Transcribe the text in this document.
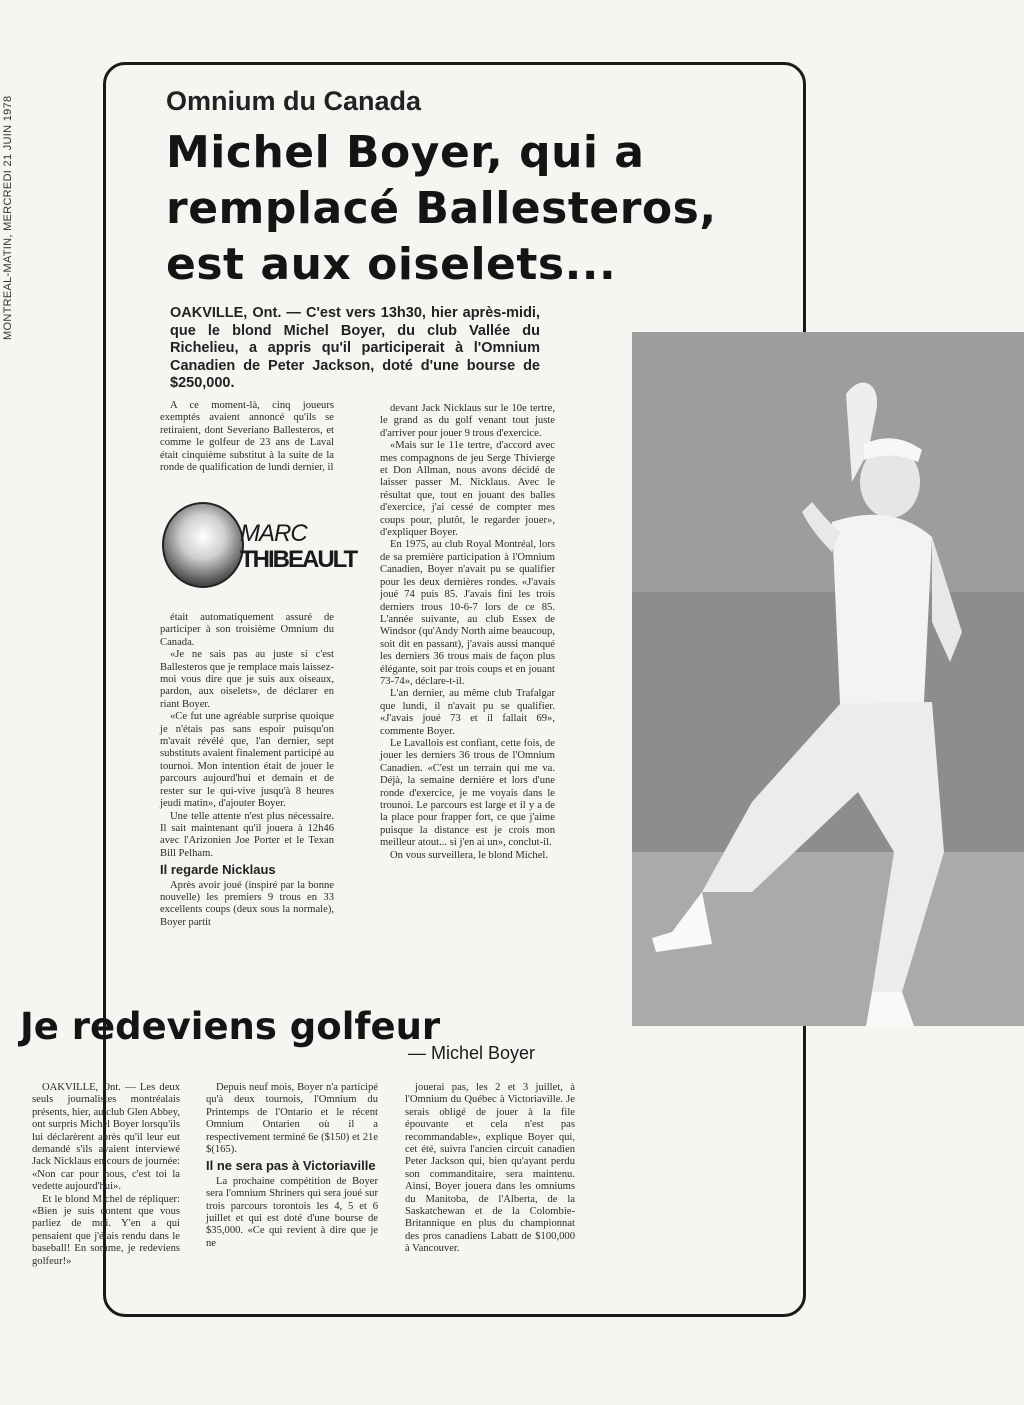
MONTREAL-MATIN, MERCREDI 21 JUIN 1978	Omnium du Canada
Michel Boyer, qui a remplacé Ballesteros, est aux oiselets...
OAKVILLE, Ont. — C'est vers 13h30, hier après-midi, que le blond Michel Boyer, du club Vallée du Richelieu, a appris qu'il participerait à l'Omnium Canadien de Peter Jackson, doté d'une bourse de $250,000.

A ce moment-là, cinq joueurs exemptés avaient annoncé qu'ils se retiraient, dont Severiano Ballesteros, et comme le golfeur de 23 ans de Laval était cinquième substitut à la suite de la ronde de qualification de lundi dernier, il

MARC
THIBEAULT

était automatiquement assuré de participer à son troisième Omnium du Canada.

«Je ne sais pas au juste si c'est Ballesteros que je remplace mais laissez-moi vous dire que je suis aux oiseaux, pardon, aux oiselets», de déclarer en riant Boyer.

«Ce fut une agréable surprise quoique je n'étais pas sans espoir puisqu'on m'avait révélé que, l'an dernier, sept substituts avaient finalement participé au tournoi. Mon intention était de jouer le parcours aujourd'hui et demain et de rester sur le qui-vive jusqu'à 8 heures jeudi matin», d'ajouter Boyer.

Une telle attente n'est plus nécessaire. Il sait maintenant qu'il jouera à 12h46 avec l'Arizonien Joe Porter et le Texan Bill Pelham.

Il regarde Nicklaus

Après avoir joué (inspiré par la bonne nouvelle) les premiers 9 trous en 33 excellents coups (deux sous la normale), Boyer partit

devant Jack Nicklaus sur le 10e tertre, le grand as du golf venant tout juste d'arriver pour jouer 9 trous d'exercice.

«Mais sur le 11e tertre, d'accord avec mes compagnons de jeu Serge Thivierge et Don Allman, nous avons décidé de laisser passer M. Nicklaus. Avec le résultat que, tout en jouant des balles d'exercice, j'ai cessé de compter mes coups pour, plutôt, le regarder jouer», d'expliquer Boyer.

En 1975, au club Royal Montréal, lors de sa première participation à l'Omnium Canadien, Boyer n'avait pu se qualifier pour les deux dernières rondes. «J'avais joué 74 puis 85. J'avais fini les trois derniers trous 10-6-7 lors de ce 85. L'année suivante, au club Essex de Windsor (qu'Andy North aime beaucoup, soit dit en passant), j'avais aussi manqué les derniers 36 trous mais de façon plus élégante, soit par trois coups et en jouant 73-74», déclare-t-il.

L'an dernier, au même club Trafalgar que lundi, il n'avait pu se qualifier. «J'avais joué 73 et il fallait 69», commente Boyer.

Le Lavallois est confiant, cette fois, de jouer les derniers 36 trous de l'Omnium Canadien. «C'est un terrain qui me va. Déjà, la semaine dernière et lors d'une ronde d'exercice, je me voyais dans le trounoi. Le parcours est large et il y a de la place pour frapper fort, ce que j'aime puisque la distance est je crois mon meilleur atout... si j'en ai un», conclut-il.

On vous surveillera, le blond Michel.

Je redeviens golfeur
— Michel Boyer

OAKVILLE, Ont. — Les deux seuls journalistes montréalais présents, hier, au club Glen Abbey, ont surpris Michel Boyer lorsqu'ils lui déclarèrent après qu'il leur eut demandé s'ils avaient interviewé Jack Nicklaus en cours de journée: «Non car pour nous, c'est toi la vedette aujourd'hui».

Et le blond Michel de répliquer: «Bien je suis content que vous parliez de moi. Y'en a qui pensaient que j'étais rendu dans le baseball! En somme, je redeviens golfeur!»

Depuis neuf mois, Boyer n'a participé qu'à deux tournois, l'Omnium du Printemps de l'Ontario et le récent Omnium Ontarien où il a respectivement terminé 6e ($150) et 21e $(165).

Il ne sera pas à Victoriaville

La prochaine compétition de Boyer sera l'omnium Shriners qui sera joué sur trois parcours torontois les 4, 5 et 6 juillet et qui est doté d'une bourse de $35,000. «Ce qui revient à dire que je ne

jouerai pas, les 2 et 3 juillet, à l'Omnium du Québec à Victoriaville. Je serais obligé de jouer à la file épouvante et cela n'est pas recommandable», explique Boyer qui, cet été, suivra l'ancien circuit canadien Peter Jackson qui, bien qu'ayant perdu son commanditaire, sera maintenu. Ainsi, Boyer jouera dans les omniums du Manitoba, de l'Alberta, de la Saskatchewan et de la Colombie-Britannique en plus du championnat des pros canadiens Labatt de $100,000 à Vancouver.
